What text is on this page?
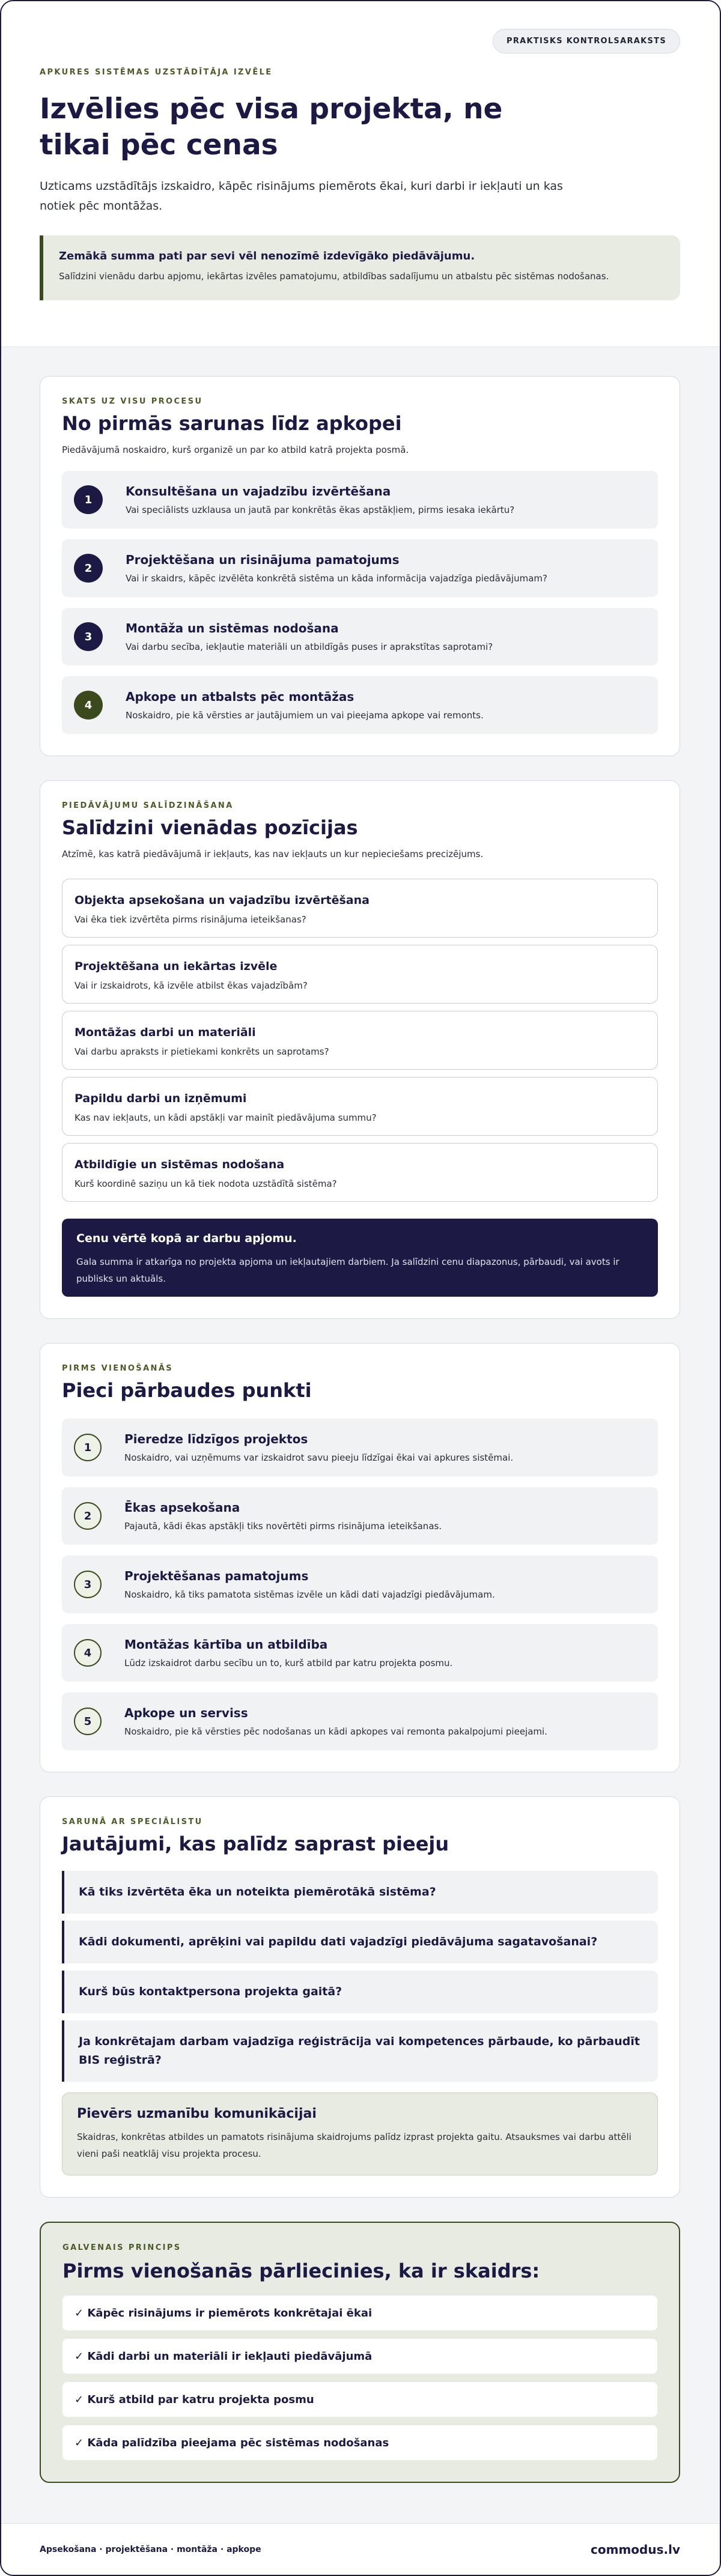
PRAKTISKS KONTROLSARAKSTS
APKURES SISTĒMAS UZSTĀDĪTĀJA IZVĒLE
Izvēlies pēc visa projekta, ne tikai pēc cenas

Uzticams uzstādītājs izskaidro, kāpēc risinājums piemērots ēkai, kuri darbi ir iekļauti un kas notiek pēc montāžas.

Zemākā summa pati par sevi vēl nenozīmē izdevīgāko piedāvājumu.
Salīdzini vienādu darbu apjomu, iekārtas izvēles pamatojumu, atbildības sadalījumu un atbalstu pēc sistēmas nodošanas.
SKATS UZ VISU PROCESU
No pirmās sarunas līdz apkopei
Piedāvājumā noskaidro, kurš organizē un par ko atbild katrā projekta posmā.
1
Konsultēšana un vajadzību izvērtēšana
Vai speciālists uzklausa un jautā par konkrētās ēkas apstākļiem, pirms iesaka iekārtu?
2
Projektēšana un risinājuma pamatojums
Vai ir skaidrs, kāpēc izvēlēta konkrētā sistēma un kāda informācija vajadzīga piedāvājumam?
3
Montāža un sistēmas nodošana
Vai darbu secība, iekļautie materiāli un atbildīgās puses ir aprakstītas saprotami?
4
Apkope un atbalsts pēc montāžas
Noskaidro, pie kā vērsties ar jautājumiem un vai pieejama apkope vai remonts.
PIEDĀVĀJUMU SALĪDZINĀŠANA
Salīdzini vienādas pozīcijas
Atzīmē, kas katrā piedāvājumā ir iekļauts, kas nav iekļauts un kur nepieciešams precizējums.
Objekta apsekošana un vajadzību izvērtēšana
Vai ēka tiek izvērtēta pirms risinājuma ieteikšanas?
Projektēšana un iekārtas izvēle
Vai ir izskaidrots, kā izvēle atbilst ēkas vajadzībām?
Montāžas darbi un materiāli
Vai darbu apraksts ir pietiekami konkrēts un saprotams?
Papildu darbi un izņēmumi
Kas nav iekļauts, un kādi apstākļi var mainīt piedāvājuma summu?
Atbildīgie un sistēmas nodošana
Kurš koordinē saziņu un kā tiek nodota uzstādītā sistēma?
Cenu vērtē kopā ar darbu apjomu.
Gala summa ir atkarīga no projekta apjoma un iekļautajiem darbiem. Ja salīdzini cenu diapazonus, pārbaudi, vai avots ir publisks un aktuāls.
PIRMS VIENOŠANĀS
Pieci pārbaudes punkti
1
Pieredze līdzīgos projektos
Noskaidro, vai uzņēmums var izskaidrot savu pieeju līdzīgai ēkai vai apkures sistēmai.
2
Ēkas apsekošana
Pajautā, kādi ēkas apstākļi tiks novērtēti pirms risinājuma ieteikšanas.
3
Projektēšanas pamatojums
Noskaidro, kā tiks pamatota sistēmas izvēle un kādi dati vajadzīgi piedāvājumam.
4
Montāžas kārtība un atbildība
Lūdz izskaidrot darbu secību un to, kurš atbild par katru projekta posmu.
5
Apkope un serviss
Noskaidro, pie kā vērsties pēc nodošanas un kādi apkopes vai remonta pakalpojumi pieejami.
SARUNĀ AR SPECIĀLISTU
Jautājumi, kas palīdz saprast pieeju
Kā tiks izvērtēta ēka un noteikta piemērotākā sistēma?
Kādi dokumenti, aprēķini vai papildu dati vajadzīgi piedāvājuma sagatavošanai?
Kurš būs kontaktpersona projekta gaitā?
Ja konkrētajam darbam vajadzīga reģistrācija vai kompetences pārbaude, ko pārbaudīt BIS reģistrā?
Pievērs uzmanību komunikācijai
Skaidras, konkrētas atbildes un pamatots risinājuma skaidrojums palīdz izprast projekta gaitu. Atsauksmes vai darbu attēli vieni paši neatklāj visu projekta procesu.
GALVENAIS PRINCIPS
Pirms vienošanās pārliecinies, ka ir skaidrs:
✓ Kāpēc risinājums ir piemērots konkrētajai ēkai
✓ Kādi darbi un materiāli ir iekļauti piedāvājumā
✓ Kurš atbild par katru projekta posmu
✓ Kāda palīdzība pieejama pēc sistēmas nodošanas
Apsekošana · projektēšana · montāža · apkope	commodus.lv
